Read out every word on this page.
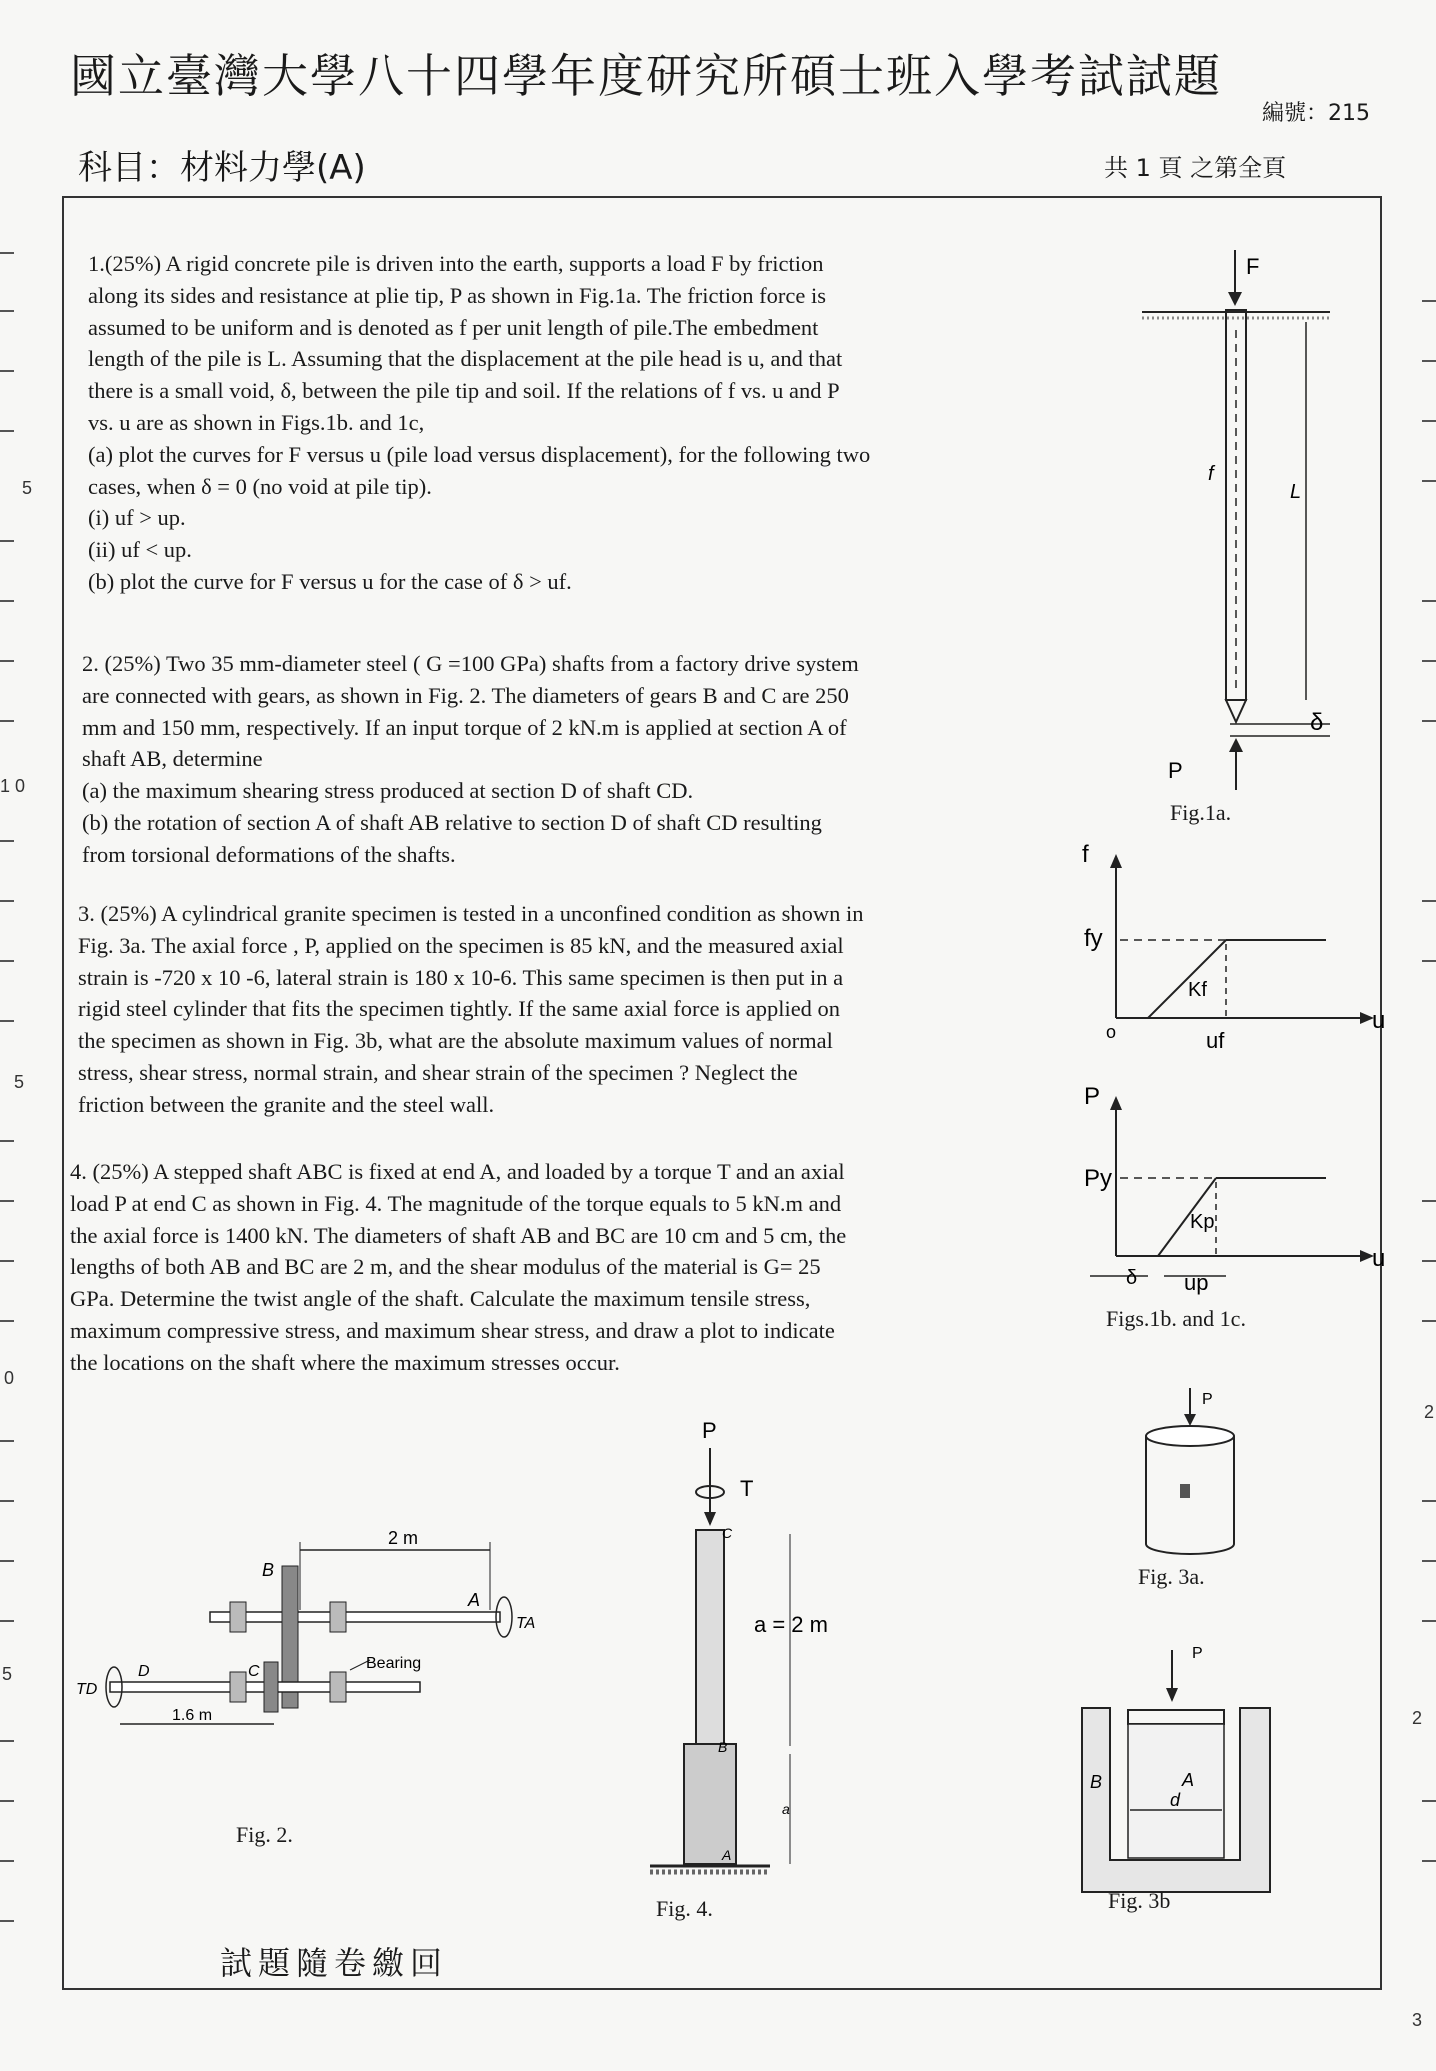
國立臺灣大學八十四學年度研究所碩士班入學考試試題
編號：215
科目：材料力學(A)	共 1 頁 之第全頁
5
1 0
5
0
5
2
2
3
1.(25%) A rigid concrete pile is driven into the earth, supports a load F by friction
along its sides and resistance at plie tip, P as shown in Fig.1a. The friction force is
assumed to be uniform and is denoted as f per unit length of pile.The embedment
length of the pile is L. Assuming that the displacement at the pile head is u, and that
there is a small void, δ, between the pile tip and soil. If the relations of f vs. u and P
vs. u are as shown in Figs.1b. and 1c,
(a) plot the curves for F versus u (pile load versus displacement), for the following two
cases, when δ = 0 (no void at pile tip).
(i) uf > up.
(ii) uf < up.
(b) plot the curve for F versus u for the case of δ > uf.
2. (25%) Two 35 mm-diameter steel ( G =100 GPa) shafts from a factory drive system
are connected with gears, as shown in Fig. 2. The diameters of gears B and C are 250
mm and 150 mm, respectively. If an input torque of 2 kN.m is applied at section A of
shaft AB, determine
(a) the maximum shearing stress produced at section D of shaft CD.
(b) the rotation of section A of shaft AB relative to section D of shaft CD resulting
from torsional deformations of the shafts.
3. (25%) A cylindrical granite specimen is tested in a unconfined condition as shown in
Fig. 3a. The axial force , P, applied on the specimen is 85 kN, and the measured axial
strain is -720 x 10 -6, lateral strain is 180 x 10-6. This same specimen is then put in a
rigid steel cylinder that fits the specimen tightly. If the same axial force is applied on
the specimen as shown in Fig. 3b, what are the absolute maximum values of normal
stress, shear stress, normal strain, and shear strain of the specimen ? Neglect the
friction between the granite and the steel wall.
4. (25%) A stepped shaft ABC is fixed at end A, and loaded by a torque T and an axial
load P at end C as shown in Fig. 4. The magnitude of the torque equals to 5 kN.m and
the axial force is 1400 kN. The diameters of shaft AB and BC are 10 cm and 5 cm, the
lengths of both AB and BC are 2 m, and the shear modulus of the material is G= 25
GPa. Determine the twist angle of the shaft. Calculate the maximum tensile stress,
maximum compressive stress, and maximum shear stress, and draw a plot to indicate
the locations on the shaft where the maximum stresses occur.
F
f
L
δ
P
Fig.1a.
f
fy
Kf
o	uf
u
P
Py
Kp
δ up
u
Figs.1b. and 1c.
P
Fig. 3a.
P
B	A
d
Fig. 3b
2 m
B
A
TA
C
D
TD
Bearing
1.6 m
Fig. 2.
P
T
C
B
A
a = 2 m
a
Fig. 4.
試題隨卷繳回
